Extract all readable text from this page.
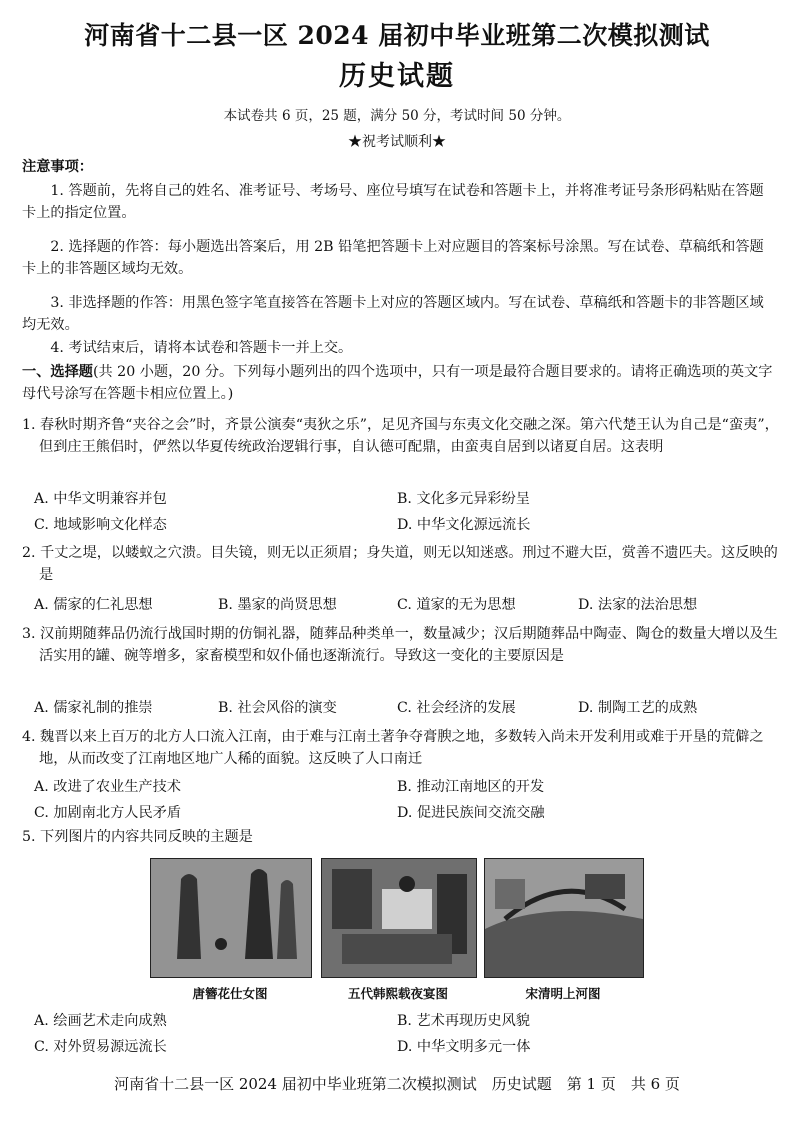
河南省十二县一区 2024 届初中毕业班第二次模拟测试
历史试题
本试卷共 6 页，25 题，满分 50 分，考试时间 50 分钟。
★祝考试顺利★
注意事项：
1. 答题前，先将自己的姓名、准考证号、考场号、座位号填写在试卷和答题卡上，并将准考证号条形码粘贴在答题卡上的指定位置。
2. 选择题的作答：每小题选出答案后，用 2B 铅笔把答题卡上对应题目的答案标号涂黑。写在试卷、草稿纸和答题卡上的非答题区域均无效。
3. 非选择题的作答：用黑色签字笔直接答在答题卡上对应的答题区域内。写在试卷、草稿纸和答题卡的非答题区域均无效。
4. 考试结束后，请将本试卷和答题卡一并上交。
一、选择题(共 20 小题，20 分。下列每小题列出的四个选项中，只有一项是最符合题目要求的。请将正确选项的英文字母代号涂写在答题卡相应位置上。)
1. 春秋时期齐鲁“夹谷之会”时，齐景公演奏“夷狄之乐”，足见齐国与东夷文化交融之深。第六代楚王认为自己是“蛮夷”，但到庄王熊侣时，俨然以华夏传统政治逻辑行事，自认德可配鼎，由蛮夷自居到以诸夏自居。这表明
A. 中华文明兼容并包	B. 文化多元异彩纷呈
C. 地域影响文化样态	D. 中华文化源远流长
2. 千丈之堤，以蝼蚁之穴溃。目失镜，则无以正须眉；身失道，则无以知迷惑。刑过不避大臣，赏善不遗匹夫。这反映的是
A. 儒家的仁礼思想	B. 墨家的尚贤思想	C. 道家的无为思想	D. 法家的法治思想
3. 汉前期随葬品仍流行战国时期的仿铜礼器，随葬品种类单一，数量减少；汉后期随葬品中陶壶、陶仓的数量大增以及生活实用的罐、碗等增多，家畜模型和奴仆俑也逐渐流行。导致这一变化的主要原因是
A. 儒家礼制的推崇	B. 社会风俗的演变	C. 社会经济的发展	D. 制陶工艺的成熟
4. 魏晋以来上百万的北方人口流入江南，由于难与江南土著争夺膏腴之地，多数转入尚未开发利用或难于开垦的荒僻之地，从而改变了江南地区地广人稀的面貌。这反映了人口南迁
A. 改进了农业生产技术	B. 推动江南地区的开发
C. 加剧南北方人民矛盾	D. 促进民族间交流交融
5. 下列图片的内容共同反映的主题是
唐簪花仕女图	五代韩熙载夜宴图	宋清明上河图
A. 绘画艺术走向成熟	B. 艺术再现历史风貌
C. 对外贸易源远流长	D. 中华文明多元一体
河南省十二县一区 2024 届初中毕业班第二次模拟测试　历史试题　第 1 页　共 6 页
